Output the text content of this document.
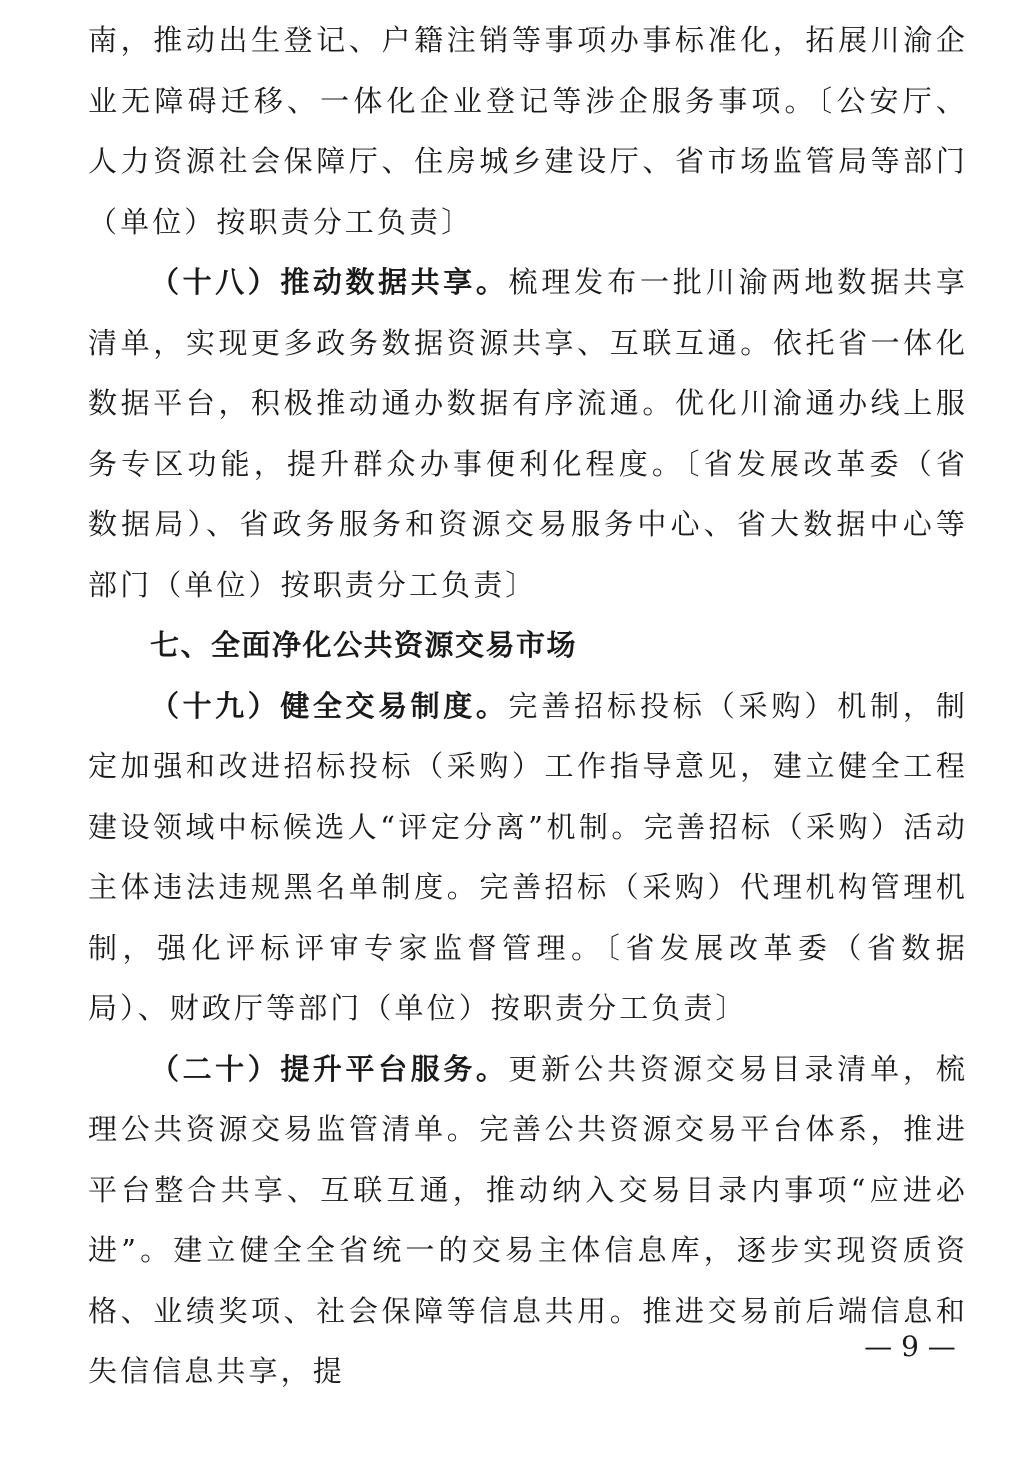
南，推动出生登记、户籍注销等事项办事标准化，拓展川渝企业无障碍迁移、一体化企业登记等涉企服务事项。〔公安厅、人力资源社会保障厅、住房城乡建设厅、省市场监管局等部门（单位）按职责分工负责〕

（十八）推动数据共享。梳理发布一批川渝两地数据共享清单，实现更多政务数据资源共享、互联互通。依托省一体化数据平台，积极推动通办数据有序流通。优化川渝通办线上服务专区功能，提升群众办事便利化程度。〔省发展改革委（省数据局）、省政务服务和资源交易服务中心、省大数据中心等部门（单位）按职责分工负责〕

七、全面净化公共资源交易市场

（十九）健全交易制度。完善招标投标（采购）机制，制定加强和改进招标投标（采购）工作指导意见，建立健全工程建设领域中标候选人“评定分离”机制。完善招标（采购）活动主体违法违规黑名单制度。完善招标（采购）代理机构管理机制，强化评标评审专家监督管理。〔省发展改革委（省数据局）、财政厅等部门（单位）按职责分工负责〕

（二十）提升平台服务。更新公共资源交易目录清单，梳理公共资源交易监管清单。完善公共资源交易平台体系，推进平台整合共享、互联互通，推动纳入交易目录内事项“应进必进”。建立健全全省统一的交易主体信息库，逐步实现资质资格、业绩奖项、社会保障等信息共用。推进交易前后端信息和失信信息共享，提

— 9 —
